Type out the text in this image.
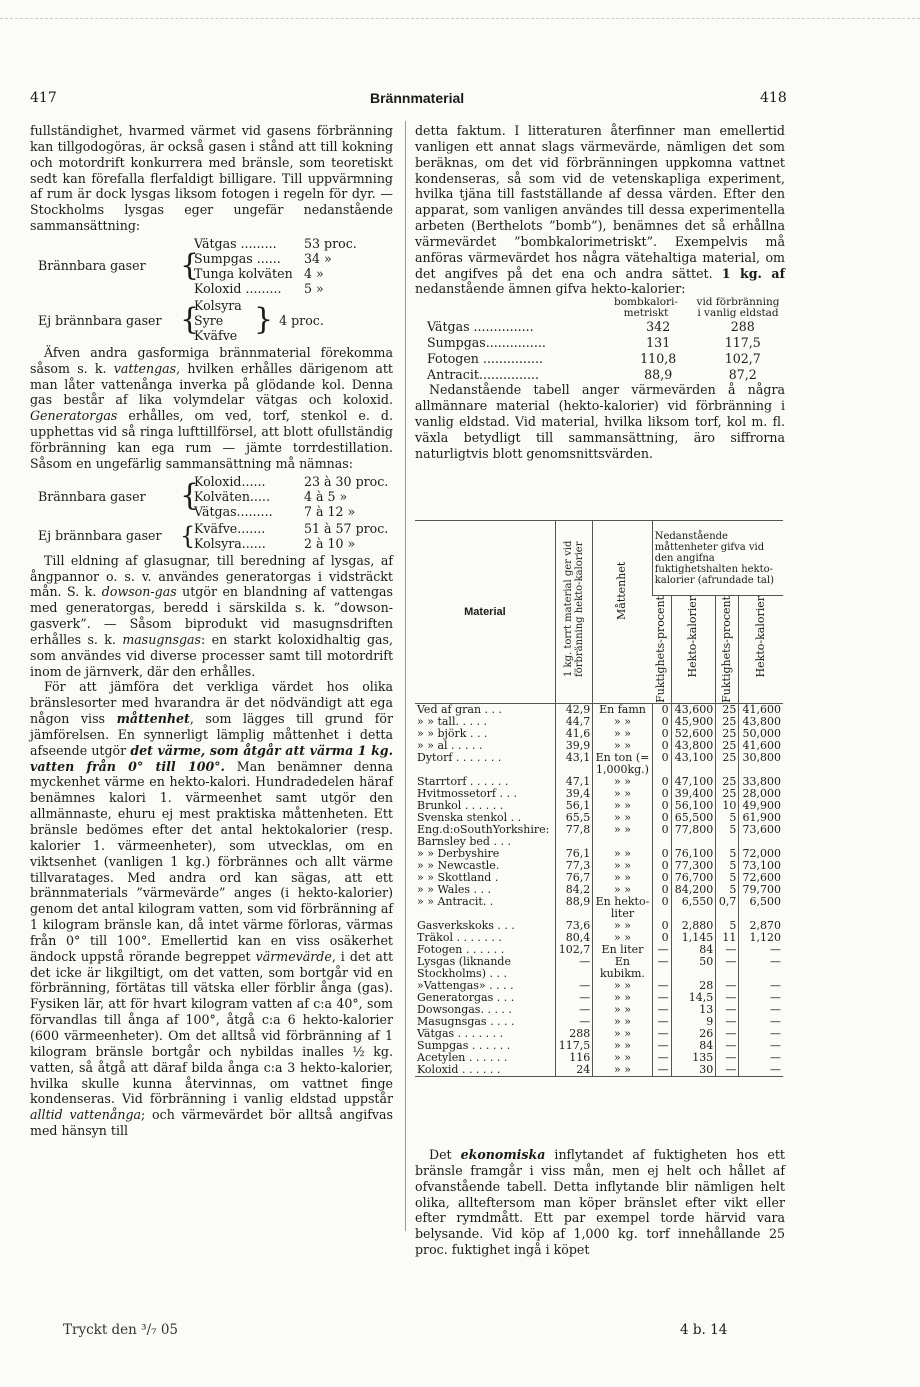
417	Brännmaterial	418

fullständighet, hvarmed värmet vid gasens förbränning kan tillgodogöras, är också gasen i stånd att till kokning och motordrift konkurrera med bränsle, som teoretiskt sedt kan förefalla flerfaldigt billigare. Till uppvärmning af rum är dock lysgas liksom fotogen i regeln för dyr. — Stockholms lysgas eger ungefär nedanstående sammansättning:

Brännbara gaser	{
Vätgas .........	53 proc.
Sumpgas ......	34 »
Tunga kolväten 4 »
Koloxid .........	5 »
Ej brännbara gaser {
Kolsyra
Syre
Kväfve } 4 proc.

Äfven andra gasformiga brännmaterial förekomma såsom s. k. vattengas, hvilken erhålles därigenom att man låter vattenånga inverka på glödande kol. Denna gas består af lika volymdelar vätgas och koloxid. Generatorgas erhålles, om ved, torf, stenkol e. d. upphettas vid så ringa lufttillförsel, att blott ofullständig förbränning kan ega rum — jämte torrdestillation. Såsom en ungefärlig sammansättning må nämnas:

Brännbara gaser	{
Koloxid......	23 à 30 proc.
Kolväten.....	4 à 5 »
Vätgas.........	7 à 12 »
Ej brännbara gaser {
Kväfve.......	51 à 57 proc.
Kolsyra......	2 à 10 »

Till eldning af glasugnar, till beredning af lysgas, af ångpannor o. s. v. användes generatorgas i vidsträckt mån. S. k. dowson-gas utgör en blandning af vattengas med generatorgas, beredd i särskilda s. k. ”dowson-gasverk”. — Såsom biprodukt vid masugnsdriften erhålles s. k. masugnsgas: en starkt koloxidhaltig gas, som användes vid diverse processer samt till motordrift inom de järnverk, där den erhålles.

För att jämföra det verkliga värdet hos olika bränslesorter med hvarandra är det nödvändigt att ega någon viss måttenhet, som lägges till grund för jämförelsen. En synnerligt lämplig måttenhet i detta afseende utgör det värme, som åtgår att värma 1 kg. vatten från 0° till 100°. Man benämner denna myckenhet värme en hekto-kalori. Hundradedelen häraf benämnes kalori 1. värmeenhet samt utgör den allmännaste, ehuru ej mest praktiska måttenheten. Ett bränsle bedömes efter det antal hektokalorier (resp. kalorier 1. värmeenheter), som utvecklas, om en viktsenhet (vanligen 1 kg.) förbrännes och allt värme tillvaratages. Med andra ord kan sägas, att ett brännmaterials ”värmevärde” anges (i hekto-kalorier) genom det antal kilogram vatten, som vid förbränning af 1 kilogram bränsle kan, då intet värme förloras, värmas från 0° till 100°. Emellertid kan en viss osäkerhet ändock uppstå rörande begreppet värmevärde, i det att det icke är likgiltigt, om det vatten, som bortgår vid en förbränning, förtätas till vätska eller förblir ånga (gas). Fysiken lär, att för hvart kilogram vatten af c:a 40°, som förvandlas till ånga af 100°, åtgå c:a 6 hekto-kalorier (600 värmeenheter). Om det alltså vid förbränning af 1 kilogram bränsle bortgår och nybildas inalles ½ kg. vatten, så åtgå att däraf bilda ånga c:a 3 hekto-kalorier, hvilka skulle kunna återvinnas, om vattnet finge kondenseras. Vid förbränning i vanlig eldstad uppstår alltid vattenånga; och värmevärdet bör alltså angifvas med hänsyn till

detta faktum. I litteraturen återfinner man emellertid vanligen ett annat slags värmevärde, nämligen det som beräknas, om det vid förbränningen uppkomna vattnet kondenseras, så som vid de vetenskapliga experiment, hvilka tjäna till fastställande af dessa värden. Efter den apparat, som vanligen användes till dessa experimentella arbeten (Berthelots ”bomb”), benämnes det så erhållna värmevärdet ”bombkalorimetriskt”. Exempelvis må anföras värmevärdet hos några vätehaltiga material, om det angifves på det ena och andra sättet. 1 kg. af nedanstående ämnen gifva hekto-kalorier:

bombkalori-
metriskt
vid förbränning
i vanlig eldstad
Vätgas ...............	342	288
Sumpgas...............	131	117,5
Fotogen ...............	110,8	102,7
Antracit...............	88,9	87,2

Nedanstående tabell anger värmevärden å några allmännare material (hekto-kalorier) vid förbränning i vanlig eldstad. Vid material, hvilka liksom torf, kol m. fl. växla betydligt till sammansättning, äro siffrorna naturligtvis blott genomsnittsvärden.

Material	1 kg. torrt material ger vid förbränning hekto-kalorier	Måttenhet	Nedanstående måttenheter gifva vid den angifna fuktighetshalten hekto-kalorier (afrundade tal)			

			Fuktighets-procent	Hekto-kalorier	Fuktighets-procent	Hekto-kalorier

Ved af gran . . .	42,9	En famn	0	43,600	25	41,600
» » tall. . . . .	44,7	» »	0	45,900	25	43,800
» » björk . . .	41,6	» »	0	52,600	25	50,000
» » al . . . . .	39,9	» »	0	43,800	25	41,600
Dytorf . . . . . . .	43,1	En ton (= 1,000kg.)	0	43,100	25	30,800
Starrtorf . . . . . .	47,1	» »	0	47,100	25	33,800
Hvitmossetorf . . .	39,4	» »	0	39,400	25	28,000
Brunkol . . . . . .	56,1	» »	0	56,100	10	49,900
Svenska stenkol . .	65,5	» »	0	65,500	5	61,900
Eng.d:oSouthYorkshire: Barnsley bed . . .	77,8	» »	0	77,800	5	73,600
» » Derbyshire	76,1	» »	0	76,100	5	72,000
» » Newcastle.	77,3	» »	0	77,300	5	73,100
» » Skottland .	76,7	» »	0	76,700	5	72,600
» » Wales . . .	84,2	» »	0	84,200	5	79,700
» » Antracit. .	88,9	En hekto-liter	0	6,550	0,7	6,500
Gasverkskoks . . .	73,6	» »	0	2,880	5	2,870
Träkol . . . . . . .	80,4	» »	0	1,145	11	1,120
Fotogen . . . . . .	102,7	En liter	—	84	—	—
Lysgas (liknande Stockholms) . . .	—	En kubikm.	—	50	—	—
»Vattengas» . . . .	—	» »	—	28	—	—
Generatorgas . . .	—	» »	—	14,5	—	—
Dowsongas. . . . .	—	» »	—	13	—	—
Masugnsgas . . . .	—	» »	—	9	—	—
Vätgas . . . . . . .	288	» »	—	26	—	—
Sumpgas . . . . . .	117,5	» »	—	84	—	—
Acetylen . . . . . .	116	» »	—	135	—	—
Koloxid . . . . . .	24	» »	—	30	—	—

Det ekonomiska inflytandet af fuktigheten hos ett bränsle framgår i viss mån, men ej helt och hållet af ofvanstående tabell. Detta inflytande blir nämligen helt olika, allteftersom man köper bränslet efter vikt eller efter rymdmått. Ett par exempel torde härvid vara belysande. Vid köp af 1,000 kg. torf innehållande 25 proc. fuktighet ingå i köpet

Tryckt den ³/₇ 05	4 b. 14
